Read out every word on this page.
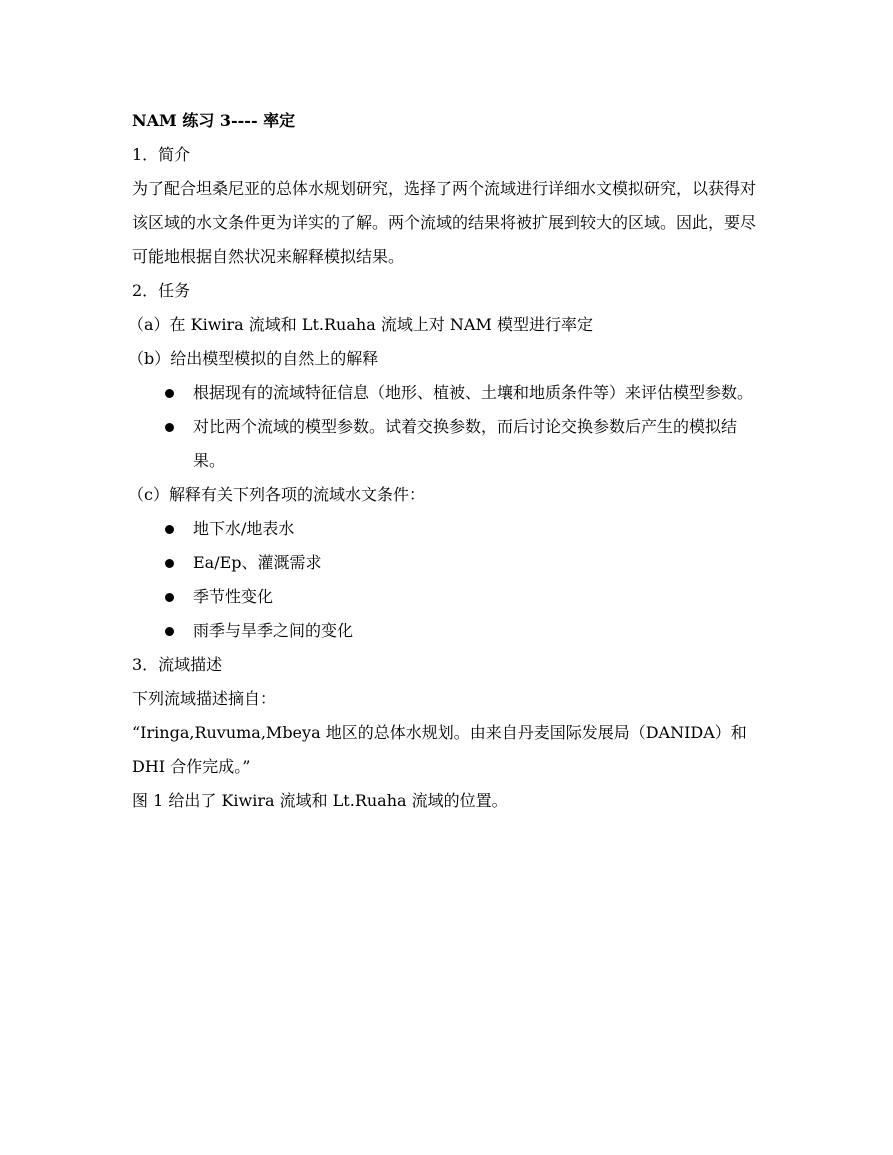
NAM 练习 3---- 率定
1．简介
为了配合坦桑尼亚的总体水规划研究，选择了两个流域进行详细水文模拟研究，以获得对该区域的水文条件更为详实的了解。两个流域的结果将被扩展到较大的区域。因此，要尽可能地根据自然状况来解释模拟结果。
2．任务
（a）在 Kiwira 流域和 Lt.Ruaha 流域上对 NAM 模型进行率定
（b）给出模型模拟的自然上的解释
根据现有的流域特征信息（地形、植被、土壤和地质条件等）来评估模型参数。
对比两个流域的模型参数。试着交换参数，而后讨论交换参数后产生的模拟结果。
（c）解释有关下列各项的流域水文条件：
地下水/地表水
Ea/Ep、灌溉需求
季节性变化
雨季与旱季之间的变化
3．流域描述
下列流域描述摘自：
“Iringa,Ruvuma,Mbeya 地区的总体水规划。由来自丹麦国际发展局（DANIDA）和 DHI 合作完成。”
图 1 给出了 Kiwira 流域和 Lt.Ruaha 流域的位置。
